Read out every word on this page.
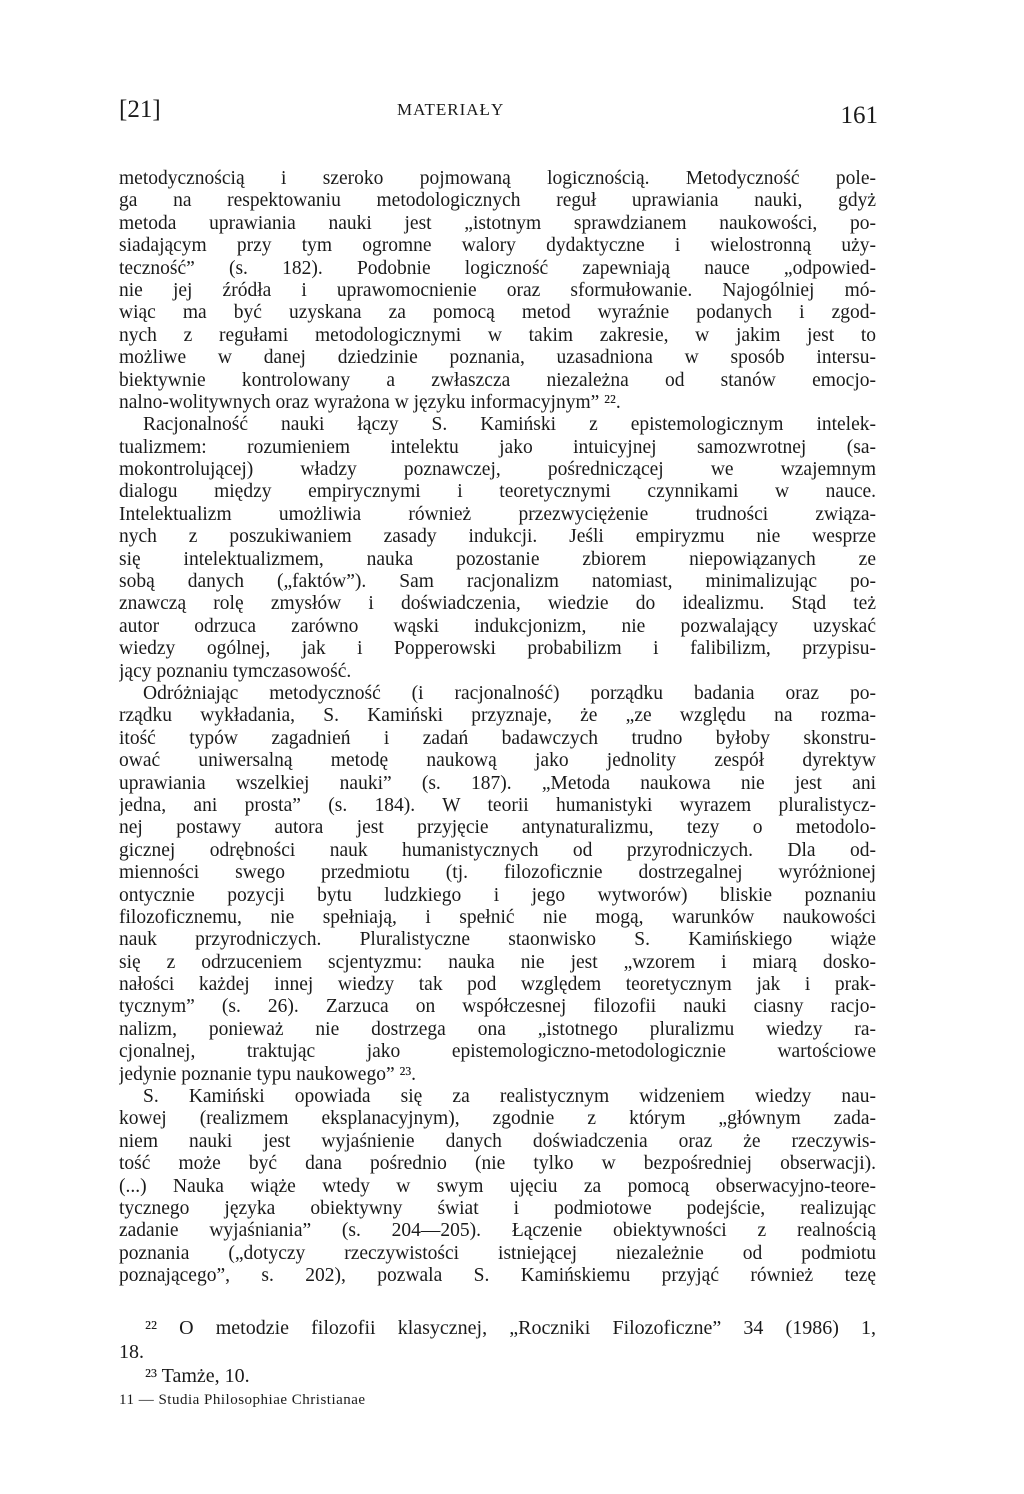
[21]	MATERIAŁY	161
metodycznością i szeroko pojmowaną logicznością. Metodyczność pole-
ga na respektowaniu metodologicznych reguł uprawiania nauki, gdyż
metoda uprawiania nauki jest „istotnym sprawdzianem naukowości, po-
siadającym przy tym ogromne walory dydaktyczne i wielostronną uży-
teczność” (s. 182). Podobnie logiczność zapewniają nauce „odpowied-
nie jej źródła i uprawomocnienie oraz sformułowanie. Najogólniej mó-
wiąc ma być uzyskana za pomocą metod wyraźnie podanych i zgod-
nych z regułami metodologicznymi w takim zakresie, w jakim jest to
możliwe w danej dziedzinie poznania, uzasadniona w sposób intersu-
biektywnie kontrolowany a zwłaszcza niezależna od stanów emocjo-
nalno-wolitywnych oraz wyrażona w języku informacyjnym” ²².
Racjonalność nauki łączy S. Kamiński z epistemologicznym intelek-
tualizmem: rozumieniem intelektu jako intuicyjnej samozwrotnej (sa-
mokontrolującej) władzy poznawczej, pośredniczącej we wzajemnym
dialogu między empirycznymi i teoretycznymi czynnikami w nauce.
Intelektualizm umożliwia również przezwyciężenie trudności związa-
nych z poszukiwaniem zasady indukcji. Jeśli empiryzmu nie wesprze
się intelektualizmem, nauka pozostanie zbiorem niepowiązanych ze
sobą danych („faktów”). Sam racjonalizm natomiast, minimalizując po-
znawczą rolę zmysłów i doświadczenia, wiedzie do idealizmu. Stąd też
autor odrzuca zarówno wąski indukcjonizm, nie pozwalający uzyskać
wiedzy ogólnej, jak i Popperowski probabilizm i falibilizm, przypisu-
jący poznaniu tymczasowość.
Odróżniając metodyczność (i racjonalność) porządku badania oraz po-
rządku wykładania, S. Kamiński przyznaje, że „ze względu na rozma-
itość typów zagadnień i zadań badawczych trudno byłoby skonstru-
ować uniwersalną metodę naukową jako jednolity zespół dyrektyw
uprawiania wszelkiej nauki” (s. 187). „Metoda naukowa nie jest ani
jedna, ani prosta” (s. 184). W teorii humanistyki wyrazem pluralistycz-
nej postawy autora jest przyjęcie antynaturalizmu, tezy o metodolo-
gicznej odrębności nauk humanistycznych od przyrodniczych. Dla od-
mienności swego przedmiotu (tj. filozoficznie dostrzegalnej wyróżnionej
ontycznie pozycji bytu ludzkiego i jego wytworów) bliskie poznaniu
filozoficznemu, nie spełniają, i spełnić nie mogą, warunków naukowości
nauk przyrodniczych. Pluralistyczne staonwisko S. Kamińskiego wiąże
się z odrzuceniem scjentyzmu: nauka nie jest „wzorem i miarą dosko-
nałości każdej innej wiedzy tak pod względem teoretycznym jak i prak-
tycznym” (s. 26). Zarzuca on współczesnej filozofii nauki ciasny racjo-
nalizm, ponieważ nie dostrzega ona „istotnego pluralizmu wiedzy ra-
cjonalnej, traktując jako epistemologiczno-metodologicznie wartościowe
jedynie poznanie typu naukowego” ²³.
S. Kamiński opowiada się za realistycznym widzeniem wiedzy nau-
kowej (realizmem eksplanacyjnym), zgodnie z którym „głównym zada-
niem nauki jest wyjaśnienie danych doświadczenia oraz że rzeczywis-
tość może być dana pośrednio (nie tylko w bezpośredniej obserwacji).
(...) Nauka wiąże wtedy w swym ujęciu za pomocą obserwacyjno-teore-
tycznego języka obiektywny świat i podmiotowe podejście, realizując
zadanie wyjaśniania” (s. 204—205). Łączenie obiektywności z realnością
poznania („dotyczy rzeczywistości istniejącej niezależnie od podmiotu
poznającego”, s. 202), pozwala S. Kamińskiemu przyjąć również tezę
²² O metodzie filozofii klasycznej, „Roczniki Filozoficzne” 34 (1986) 1,
18.
²³ Tamże, 10.
11 — Studia Philosophiae Christianae
